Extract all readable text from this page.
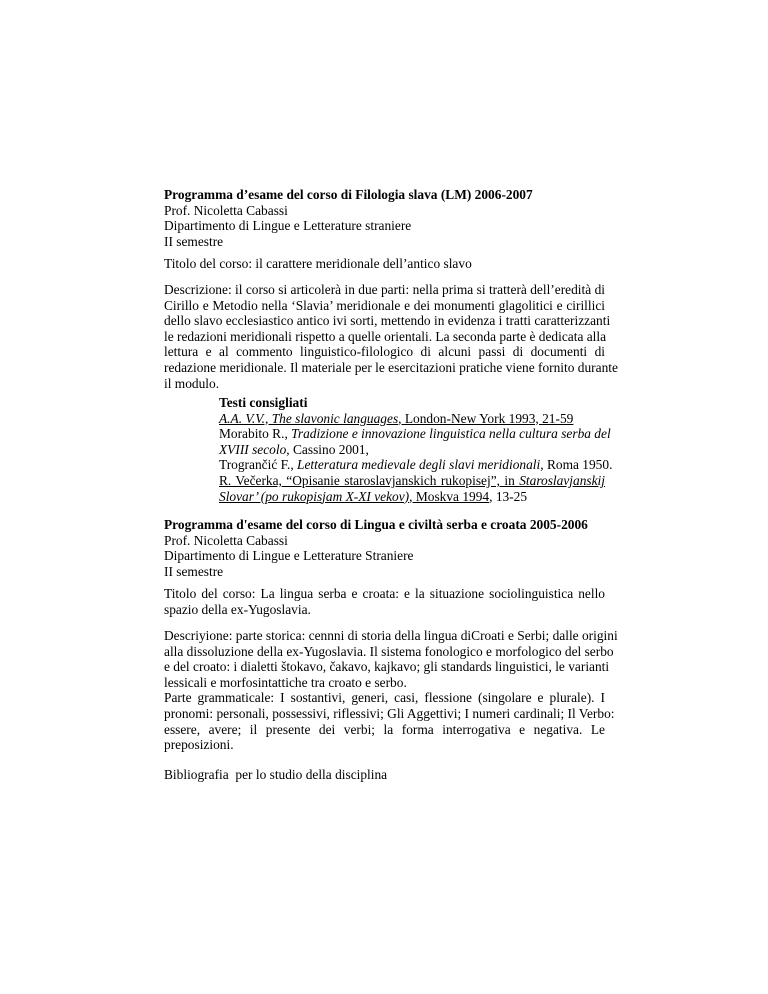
Programma d’esame del corso di Filologia slava (LM) 2006-2007
Prof. Nicoletta Cabassi
Dipartimento di Lingue e Letterature straniere
II semestre
Titolo del corso: il carattere meridionale dell’antico slavo
Descrizione: il corso si articolerà in due parti: nella prima si tratterà dell’eredità di
Cirillo e Metodio nella ‘Slavia’ meridionale e dei monumenti glagolitici e cirillici
dello slavo ecclesiastico antico ivi sorti, mettendo in evidenza i tratti caratterizzanti
le redazioni meridionali rispetto a quelle orientali. La seconda parte è dedicata alla
lettura e al commento linguistico-filologico di alcuni passi di documenti di
redazione meridionale. Il materiale per le esercitazioni pratiche viene fornito durante
il modulo.
Testi consigliati
A.A. V.V., The slavonic languages, London-New York 1993, 21-59
Morabito R., Tradizione e innovazione linguistica nella cultura serba del
XVIII secolo, Cassino 2001,
Trogrančić F., Letteratura medievale degli slavi meridionali, Roma 1950.
R. Večerka, “Opisanie staroslavjanskich rukopisej”, in Staroslavjanskij
Slovar’ (po rukopisjam X-XI vekov), Moskva 1994, 13-25
Programma d'esame del corso di Lingua e civiltà serba e croata 2005-2006
Prof. Nicoletta Cabassi
Dipartimento di Lingue e Letterature Straniere
II semestre
Titolo del corso: La lingua serba e croata: e la situazione sociolinguistica nello
spazio della ex-Yugoslavia.
Descriyione: parte storica: cennni di storia della lingua diCroati e Serbi; dalle origini
alla dissoluzione della ex-Yugoslavia. Il sistema fonologico e morfologico del serbo
e del croato: i dialetti štokavo, čakavo, kajkavo; gli standards linguistici, le varianti
lessicali e morfosintattiche tra croato e serbo.
Parte grammaticale: I sostantivi, generi, casi, flessione (singolare e plurale). I
pronomi: personali, possessivi, riflessivi; Gli Aggettivi; I numeri cardinali; Il Verbo:
essere, avere; il presente dei verbi; la forma interrogativa e negativa. Le
preposizioni.
Bibliografia  per lo studio della disciplina
